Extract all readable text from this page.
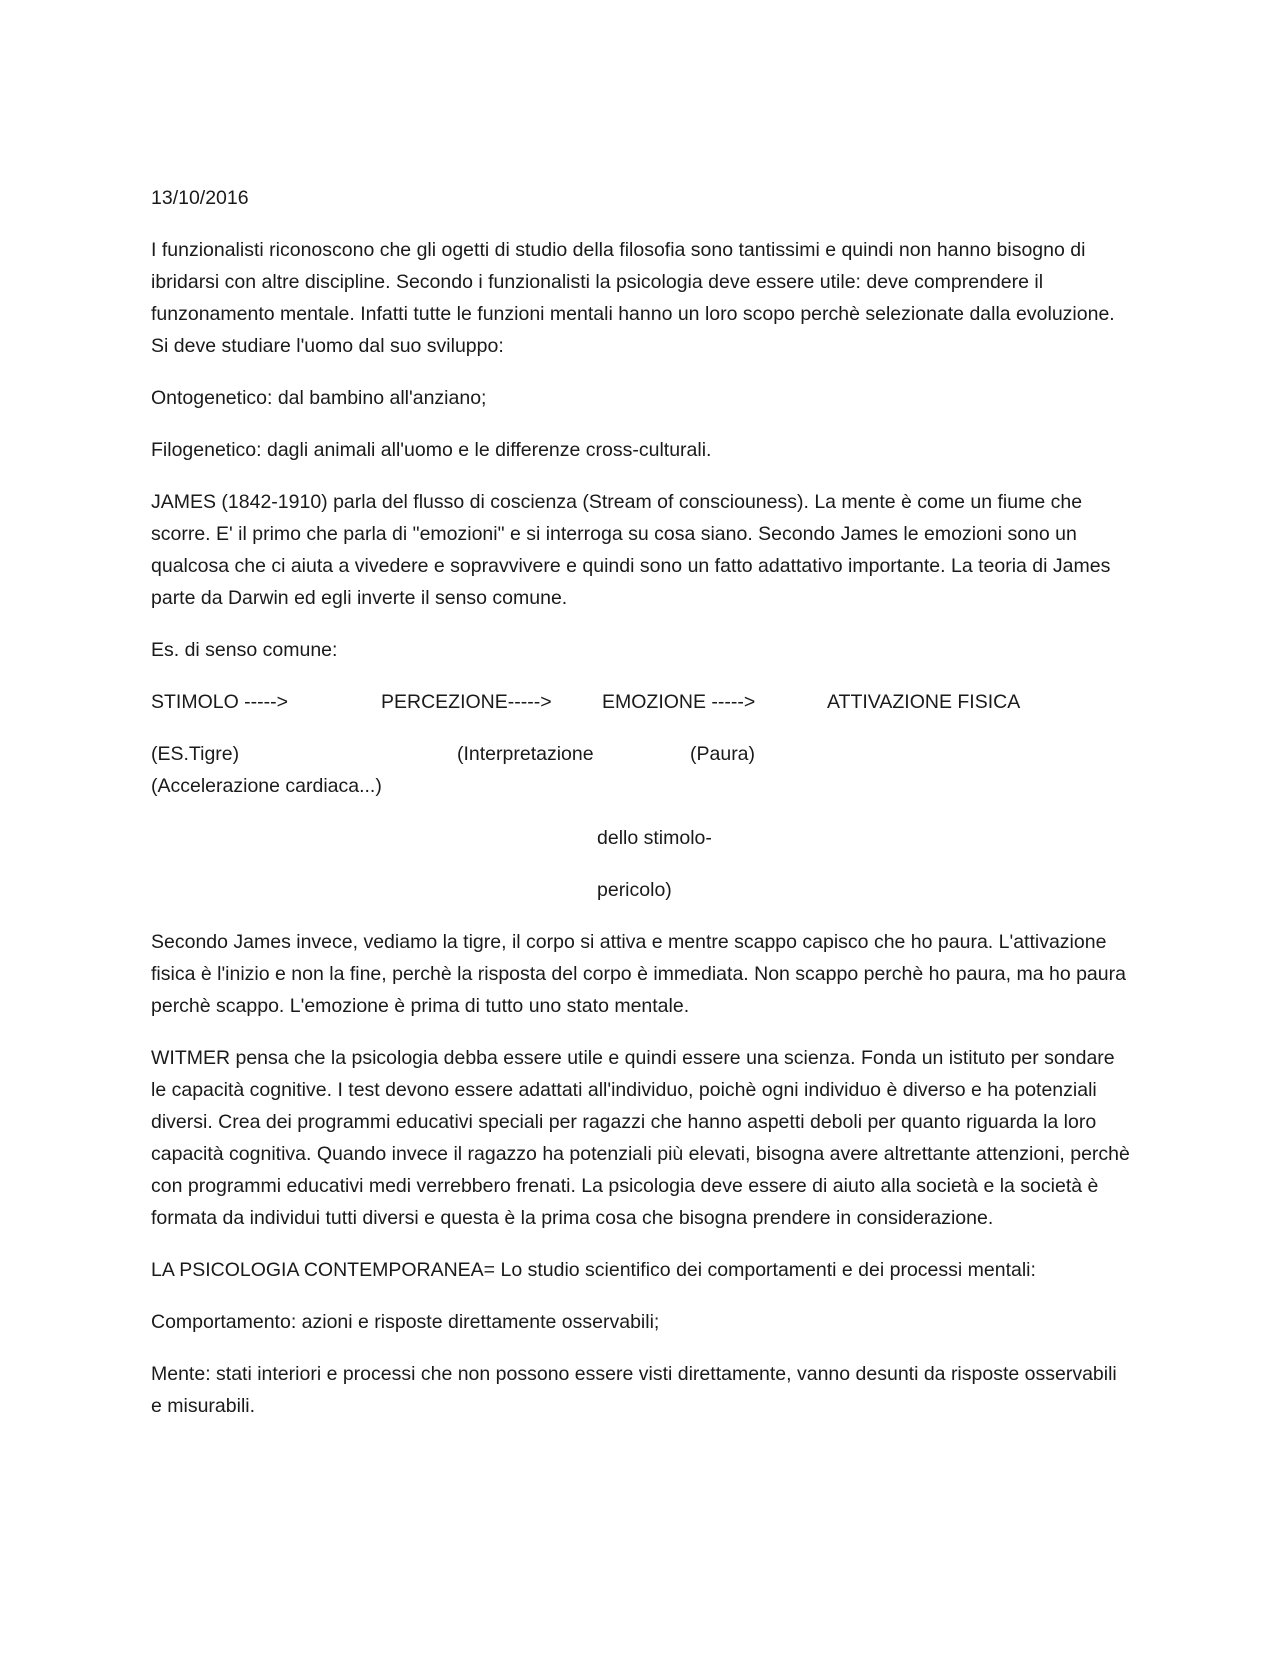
13/10/2016

I funzionalisti riconoscono che gli ogetti di studio della filosofia sono tantissimi e quindi non hanno bisogno di ibridarsi con altre discipline. Secondo i funzionalisti la psicologia deve essere utile: deve comprendere il funzonamento mentale. Infatti tutte le funzioni mentali hanno un loro scopo perchè selezionate dalla evoluzione. Si deve studiare l'uomo dal suo sviluppo:

Ontogenetico: dal bambino all'anziano;

Filogenetico: dagli animali all'uomo e le differenze cross-culturali.

JAMES (1842-1910) parla del flusso di coscienza (Stream of consciouness). La mente è come un fiume che scorre. E' il primo che parla di "emozioni" e si interroga su cosa siano. Secondo James le emozioni sono un qualcosa che ci aiuta a vivedere e sopravvivere e quindi sono un fatto adattativo importante. La teoria di James parte da Darwin ed egli inverte il senso comune.

Es. di senso comune:

STIMOLO ----->	PERCEZIONE----->	EMOZIONE ----->	ATTIVAZIONE FISICA
(ES.Tigre)	(Interpretazione	(Paura)

(Accelerazione cardiaca...)

dello stimolo-

pericolo)

Secondo James invece, vediamo la tigre, il corpo si attiva e mentre scappo capisco che ho paura. L'attivazione fisica è l'inizio e non la fine, perchè la risposta del corpo è immediata. Non scappo perchè ho paura, ma ho paura perchè scappo. L'emozione è prima di tutto uno stato mentale.

WITMER pensa che la psicologia debba essere utile e quindi essere una scienza. Fonda un istituto per sondare le capacità cognitive. I test devono essere adattati all'individuo, poichè ogni individuo è diverso e ha potenziali diversi. Crea dei programmi educativi speciali per ragazzi che hanno aspetti deboli per quanto riguarda la loro capacità cognitiva. Quando invece il ragazzo ha potenziali più elevati, bisogna avere altrettante attenzioni, perchè con programmi educativi medi verrebbero frenati. La psicologia deve essere di aiuto alla società e la società è formata da individui tutti diversi e questa è la prima cosa che bisogna prendere in considerazione.

LA PSICOLOGIA CONTEMPORANEA= Lo studio scientifico dei comportamenti e dei processi mentali:

Comportamento: azioni e risposte direttamente osservabili;

Mente: stati interiori e processi che non possono essere visti direttamente, vanno desunti da risposte osservabili e misurabili.
